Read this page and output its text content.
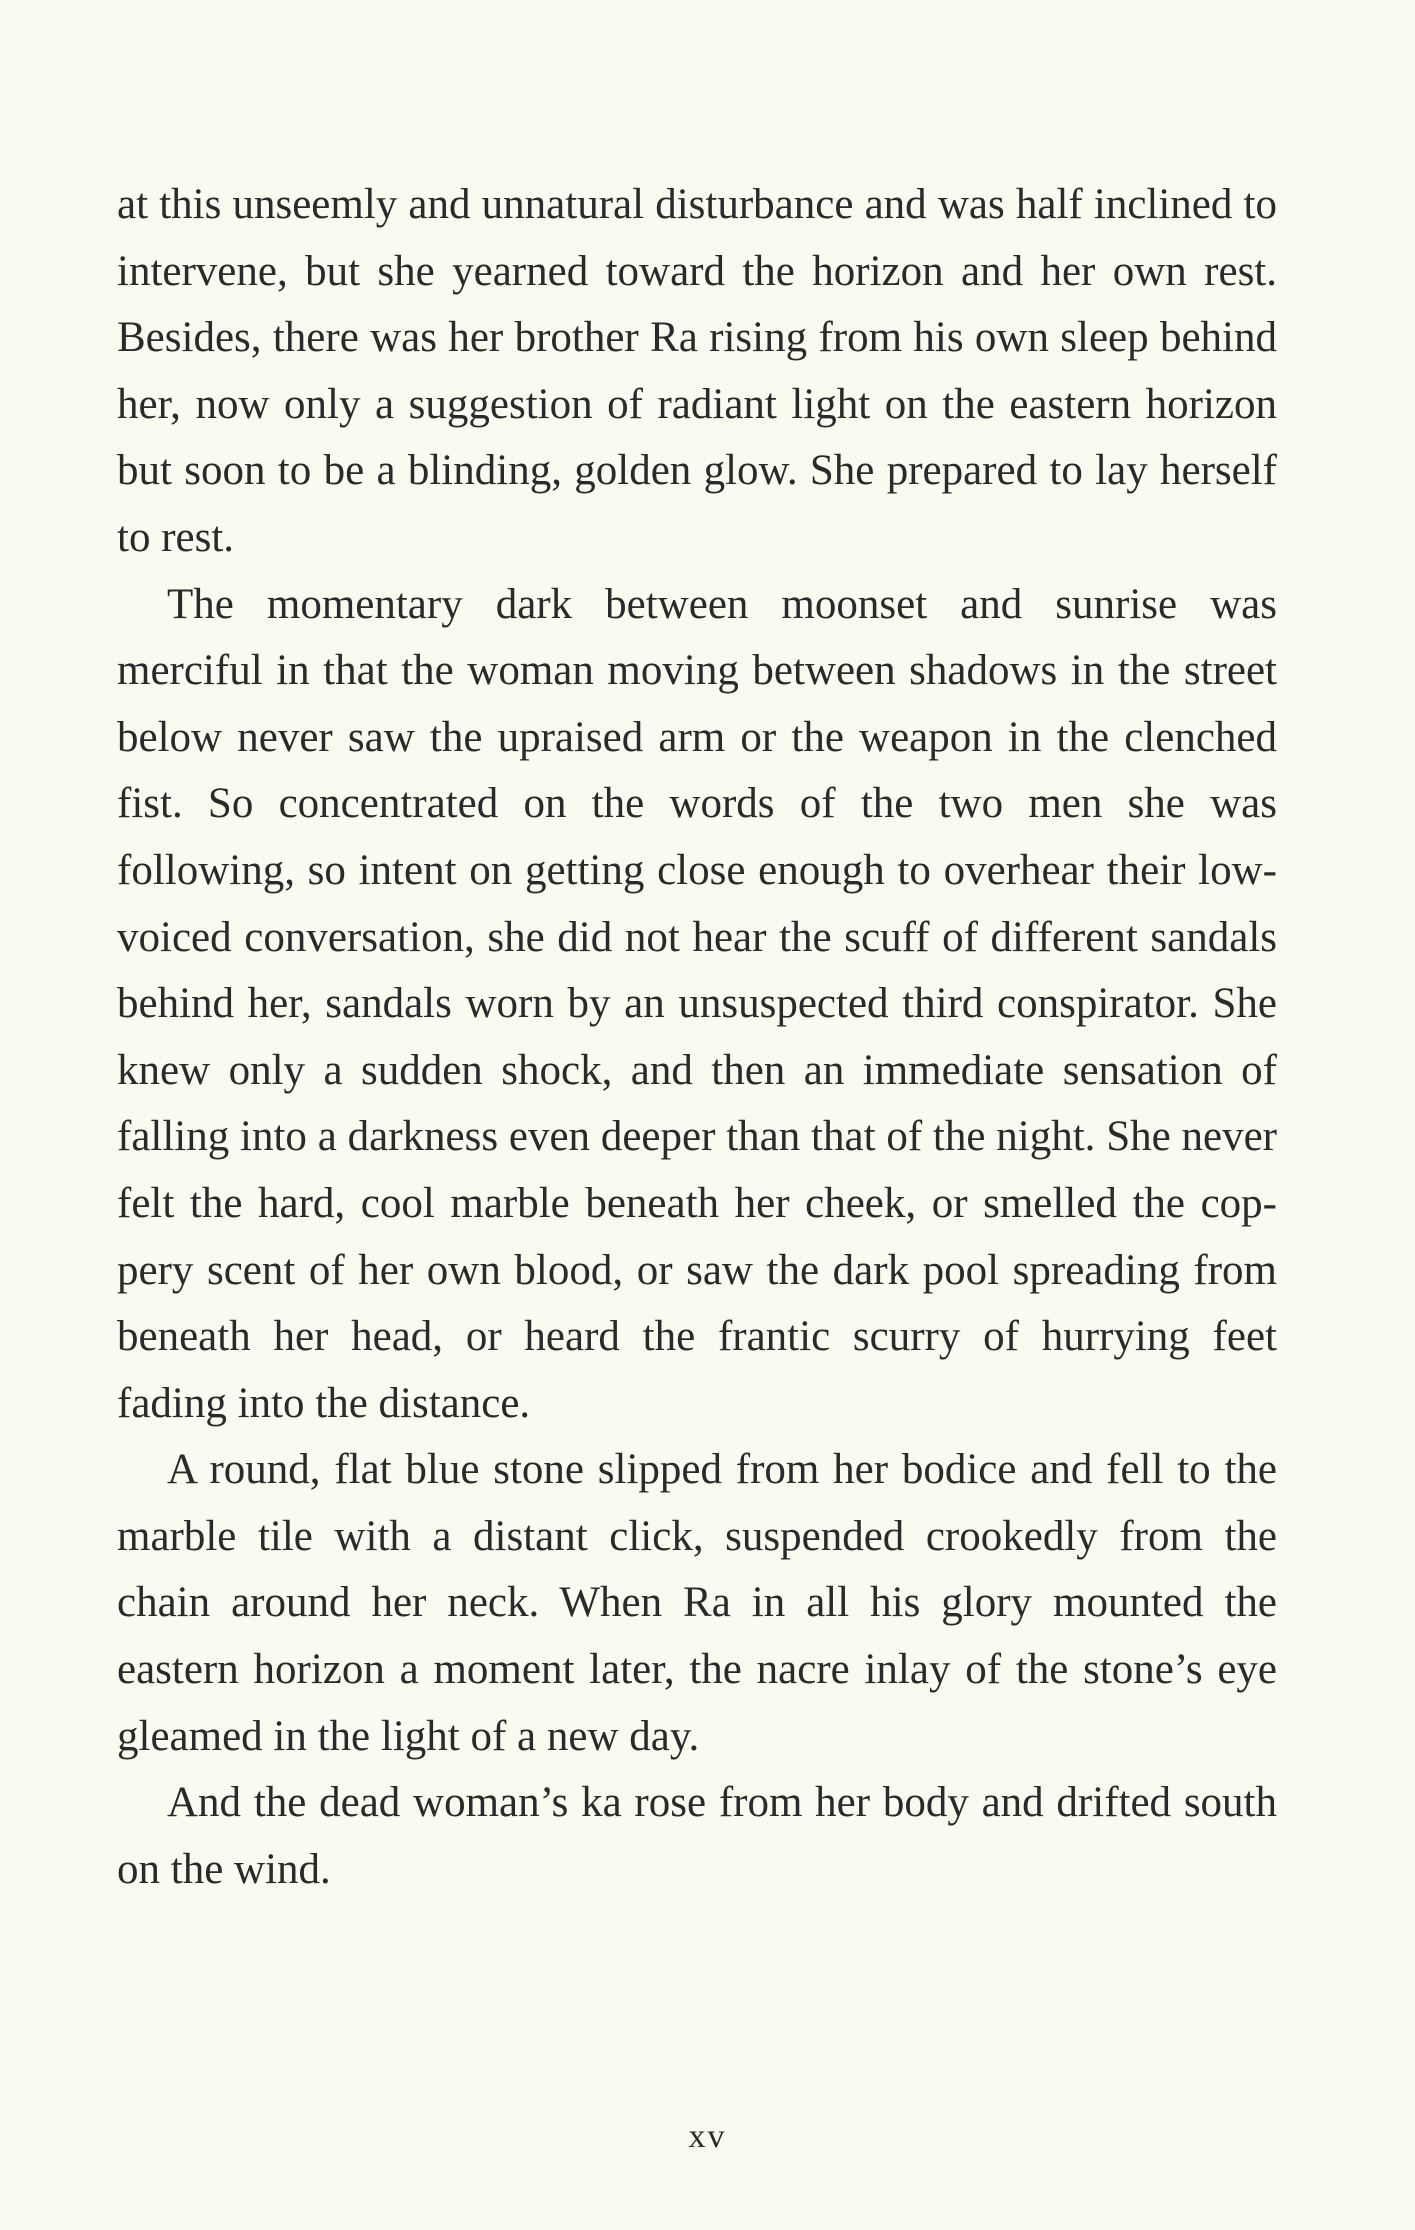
at this unseemly and unnatural disturbance and was half inclined to intervene, but she yearned toward the horizon and her own rest. Besides, there was her brother Ra rising from his own sleep behind her, now only a suggestion of radiant light on the eastern horizon but soon to be a blinding, golden glow. She prepared to lay herself to rest.

The momentary dark between moonset and sunrise was merciful in that the woman moving between shadows in the street below never saw the upraised arm or the weapon in the clenched fist. So concentrated on the words of the two men she was following, so intent on getting close enough to overhear their low-voiced conversation, she did not hear the scuff of different sandals behind her, sandals worn by an unsuspected third conspirator. She knew only a sudden shock, and then an immediate sensation of falling into a darkness even deeper than that of the night. She never felt the hard, cool marble beneath her cheek, or smelled the coppery scent of her own blood, or saw the dark pool spreading from beneath her head, or heard the frantic scurry of hurrying feet fading into the distance.

A round, flat blue stone slipped from her bodice and fell to the marble tile with a distant click, suspended crookedly from the chain around her neck. When Ra in all his glory mounted the eastern horizon a moment later, the nacre inlay of the stone’s eye gleamed in the light of a new day.

And the dead woman’s ka rose from her body and drifted south on the wind.

xv
